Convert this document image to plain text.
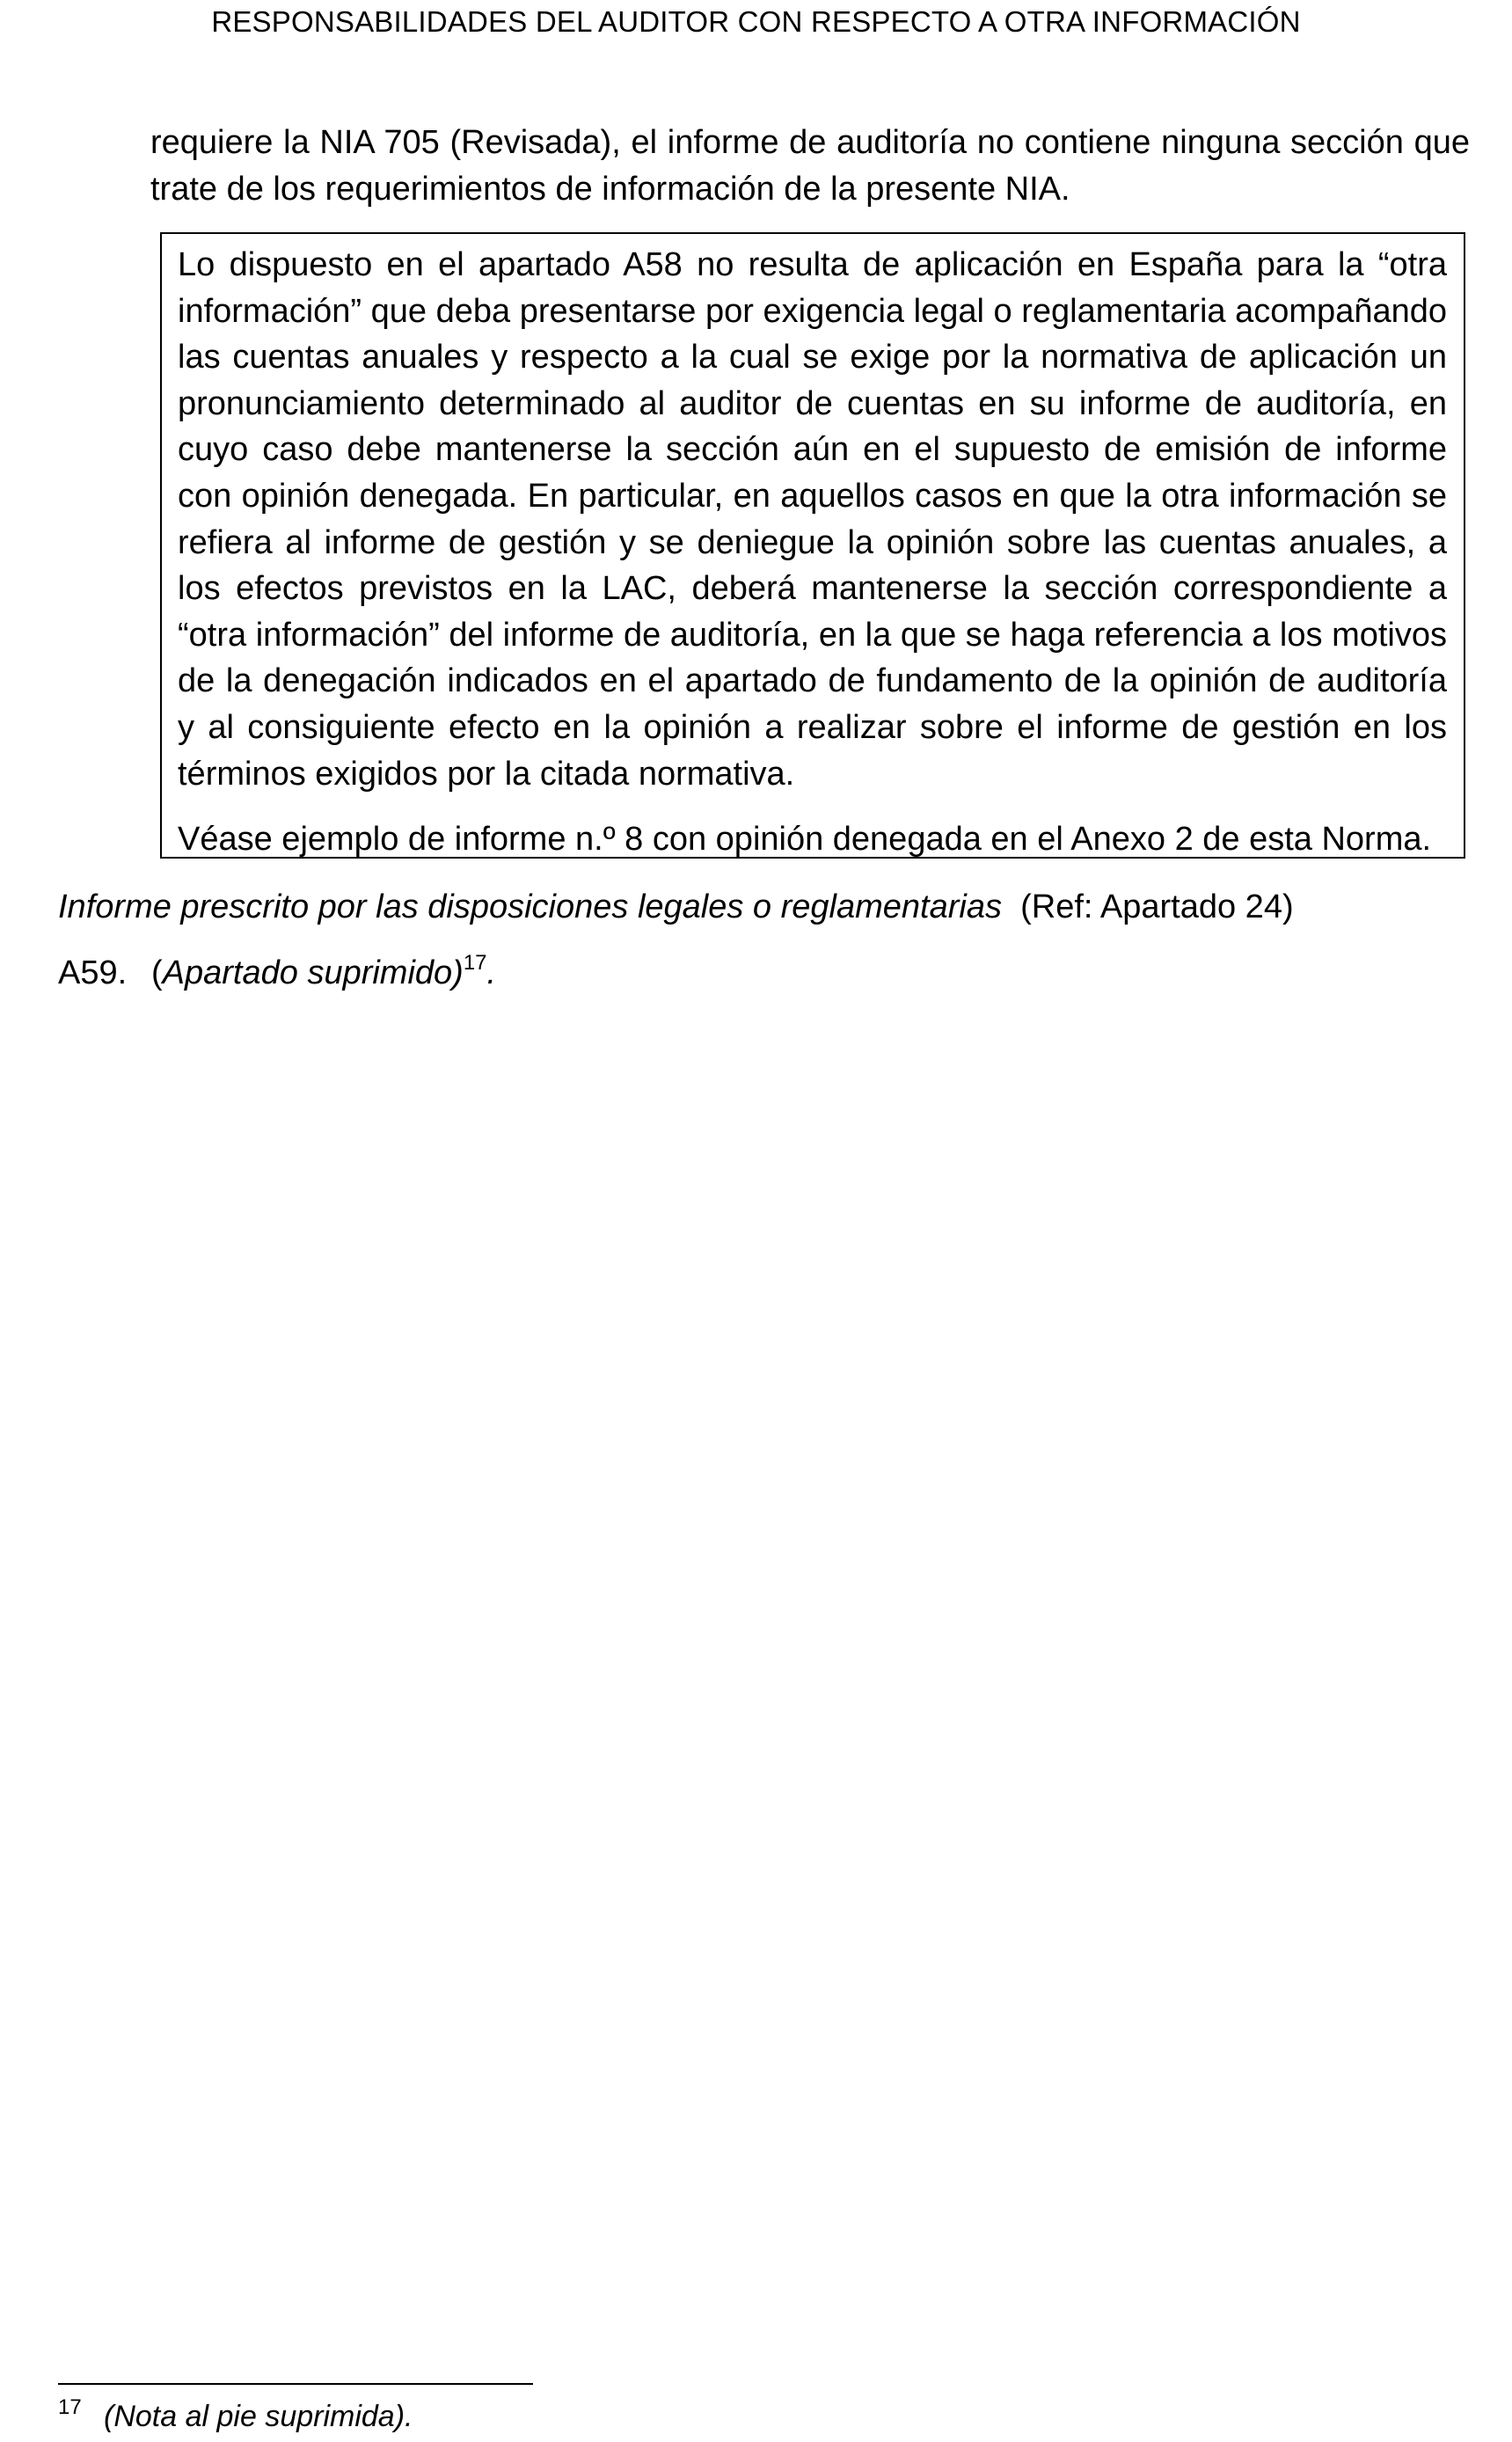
RESPONSABILIDADES DEL AUDITOR CON RESPECTO A OTRA INFORMACIÓN
requiere la NIA 705 (Revisada), el informe de auditoría no contiene ninguna sección que trate de los requerimientos de información de la presente NIA.

Lo dispuesto en el apartado A58 no resulta de aplicación en España para la “otra información” que deba presentarse por exigencia legal o reglamentaria acompañando las cuentas anuales y respecto a la cual se exige por la normativa de aplicación un pronunciamiento determinado al auditor de cuentas en su informe de auditoría, en cuyo caso debe mantenerse la sección aún en el supuesto de emisión de informe con opinión denegada. En particular, en aquellos casos en que la otra información se refiera al informe de gestión y se deniegue la opinión sobre las cuentas anuales, a los efectos previstos en la LAC, deberá mantenerse la sección correspondiente a “otra información” del informe de auditoría, en la que se haga referencia a los motivos de la denegación indicados en el apartado de fundamento de la opinión de auditoría y al consiguiente efecto en la opinión a realizar sobre el informe de gestión en los términos exigidos por la citada normativa.

Véase ejemplo de informe n.º 8 con opinión denegada en el Anexo 2 de esta Norma.

Informe prescrito por las disposiciones legales o reglamentarias (Ref: Apartado 24)
A59. (Apartado suprimido)$^{17}$.
17 (Nota al pie suprimida).
